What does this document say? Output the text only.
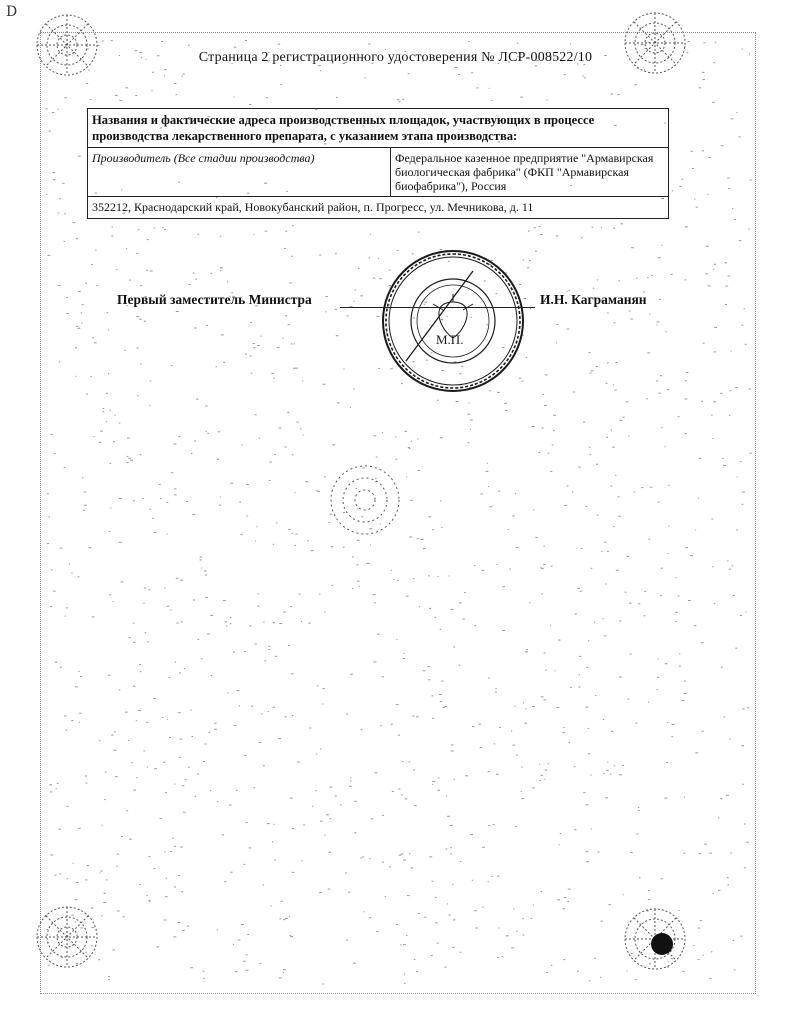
D
Страница 2 регистрационного удостоверения № ЛСР-008522/10
Названия и фактические адреса производственных площадок, участвующих в процессе производства лекарственного препарата, с указанием этапа производства:
Производитель (Все стадии производства)	Федеральное казенное предприятие "Армавирская биологическая фабрика" (ФКП "Армавирская биофабрика"), Россия
352212, Краснодарский край, Новокубанский район, п. Прогресс, ул. Мечникова, д. 11
Первый заместитель Министра	И.Н. Каграманян
М.П.
